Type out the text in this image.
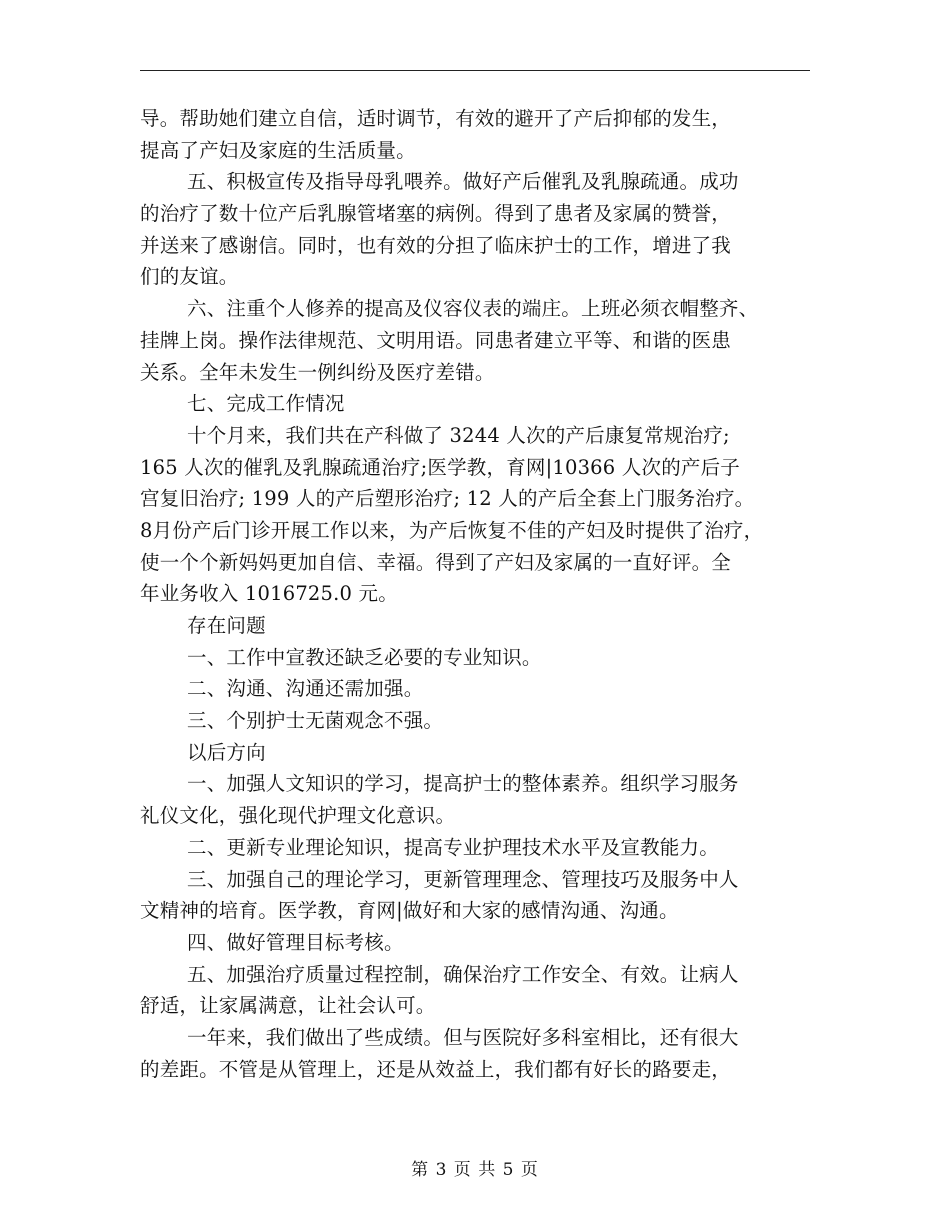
导。帮助她们建立自信，适时调节，有效的避开了产后抑郁的发生，
提高了产妇及家庭的生活质量。
五、积极宣传及指导母乳喂养。做好产后催乳及乳腺疏通。成功
的治疗了数十位产后乳腺管堵塞的病例。得到了患者及家属的赞誉，
并送来了感谢信。同时，也有效的分担了临床护士的工作，增进了我
们的友谊。
六、注重个人修养的提高及仪容仪表的端庄。上班必须衣帽整齐、
挂牌上岗。操作法律规范、文明用语。同患者建立平等、和谐的医患
关系。全年未发生一例纠纷及医疗差错。
七、完成工作情况
十个月来，我们共在产科做了 3244 人次的产后康复常规治疗;
165 人次的催乳及乳腺疏通治疗;医学教，育网|10366 人次的产后子
宫复旧治疗; 199 人的产后塑形治疗; 12 人的产后全套上门服务治疗。
8月份产后门诊开展工作以来，为产后恢复不佳的产妇及时提供了治疗，
使一个个新妈妈更加自信、幸福。得到了产妇及家属的一直好评。全
年业务收入 1016725.0 元。
存在问题
一、工作中宣教还缺乏必要的专业知识。
二、沟通、沟通还需加强。
三、个别护士无菌观念不强。
以后方向
一、加强人文知识的学习，提高护士的整体素养。组织学习服务
礼仪文化，强化现代护理文化意识。
二、更新专业理论知识，提高专业护理技术水平及宣教能力。
三、加强自己的理论学习，更新管理理念、管理技巧及服务中人
文精神的培育。医学教，育网|做好和大家的感情沟通、沟通。
四、做好管理目标考核。
五、加强治疗质量过程控制，确保治疗工作安全、有效。让病人
舒适，让家属满意，让社会认可。
一年来，我们做出了些成绩。但与医院好多科室相比，还有很大
的差距。不管是从管理上，还是从效益上，我们都有好长的路要走，
第 3 页 共 5 页
